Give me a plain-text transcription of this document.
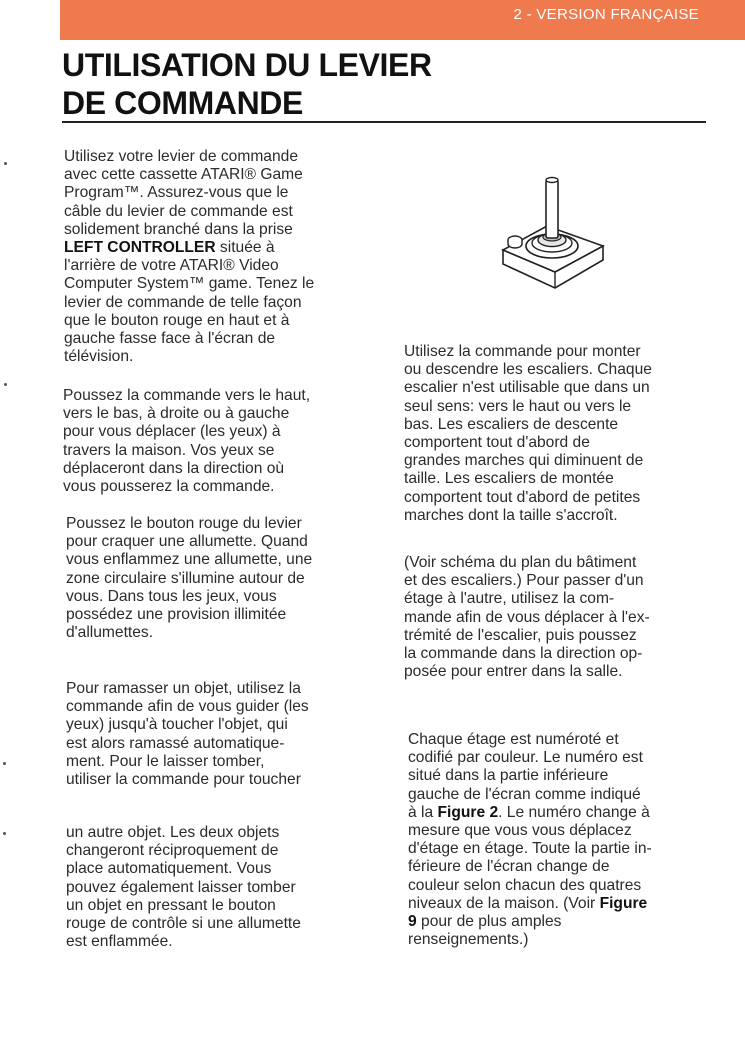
2 - VERSION FRANÇAISE
UTILISATION DU LEVIER
DE COMMANDE
Utilisez votre levier de commande
avec cette cassette ATARI® Game
Program™. Assurez-vous que le
câble du levier de commande est
solidement branché dans la prise
LEFT CONTROLLER située à
l'arrière de votre ATARI® Video
Computer System™ game. Tenez le
levier de commande de telle façon
que le bouton rouge en haut et à
gauche fasse face à l'écran de
télévision.
Poussez la commande vers le haut,
vers le bas, à droite ou à gauche
pour vous déplacer (les yeux) à
travers la maison. Vos yeux se
déplaceront dans la direction où
vous pousserez la commande.
Poussez le bouton rouge du levier
pour craquer une allumette. Quand
vous enflammez une allumette, une
zone circulaire s'illumine autour de
vous. Dans tous les jeux, vous
possédez une provision illimitée
d'allumettes.
Pour ramasser un objet, utilisez la
commande afin de vous guider (les
yeux) jusqu'à toucher l'objet, qui
est alors ramassé automatique-
ment. Pour le laisser tomber,
utiliser la commande pour toucher
un autre objet. Les deux objets
changeront réciproquement de
place automatiquement. Vous
pouvez également laisser tomber
un objet en pressant le bouton
rouge de contrôle si une allumette
est enflammée.
Utilisez la commande pour monter
ou descendre les escaliers. Chaque
escalier n'est utilisable que dans un
seul sens: vers le haut ou vers le
bas. Les escaliers de descente
comportent tout d'abord de
grandes marches qui diminuent de
taille. Les escaliers de montée
comportent tout d'abord de petites
marches dont la taille s'accroît.
(Voir schéma du plan du bâtiment
et des escaliers.) Pour passer d'un
étage à l'autre, utilisez la com-
mande afin de vous déplacer à l'ex-
trémité de l'escalier, puis poussez
la commande dans la direction op-
posée pour entrer dans la salle.
Chaque étage est numéroté et
codifié par couleur. Le numéro est
situé dans la partie inférieure
gauche de l'écran comme indiqué
à la Figure 2. Le numéro change à
mesure que vous vous déplacez
d'étage en étage. Toute la partie in-
férieure de l'écran change de
couleur selon chacun des quatres
niveaux de la maison. (Voir Figure
9 pour de plus amples
renseignements.)
